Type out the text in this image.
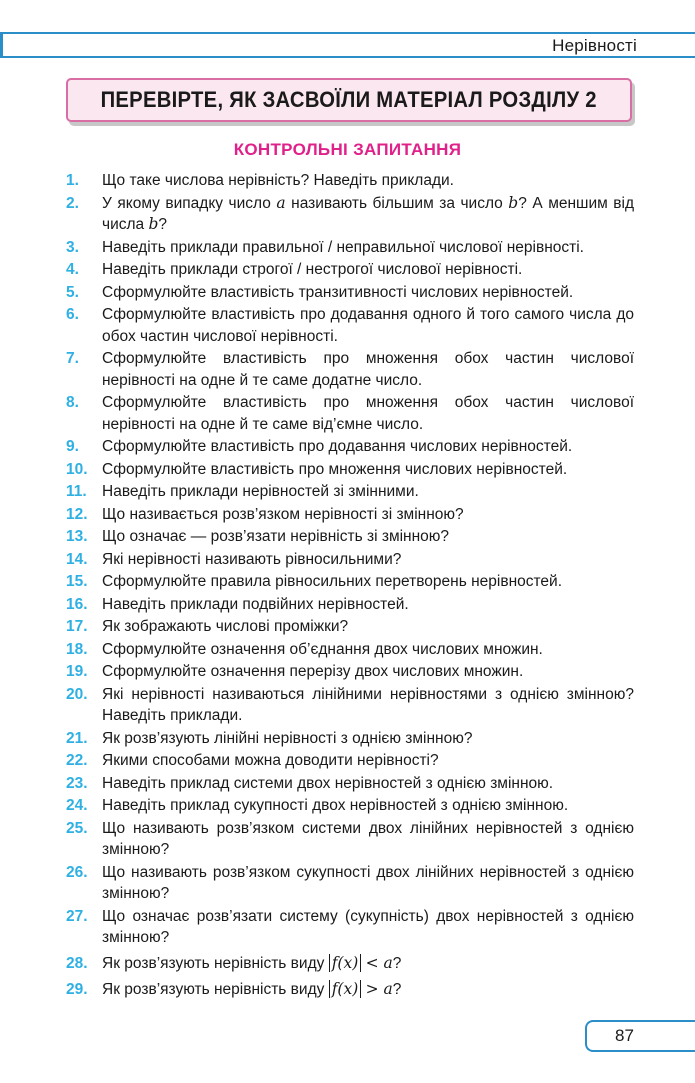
Нерівності
ПЕРЕВІРТЕ, ЯК ЗАСВОЇЛИ МАТЕРІАЛ РОЗДІЛУ 2
КОНТРОЛЬНІ ЗАПИТАННЯ
1.	Що таке числова нерівність? Наведіть приклади.
2.	У якому випадку число a називають більшим за число b? А меншим від числа b?
3.	Наведіть приклади правильної / неправильної числової нерівності.
4.	Наведіть приклади строгої / нестрогої числової нерівності.
5.	Сформулюйте властивість транзитивності числових нерівностей.
6.	Сформулюйте властивість про додавання одного й того самого числа до обох частин числової нерівності.
7.	Сформулюйте властивість про множення обох частин числової нерівності на одне й те саме додатне число.
8.	Сформулюйте властивість про множення обох частин числової нерівності на одне й те саме від’ємне число.
9.	Сформулюйте властивість про додавання числових нерівностей.
10. Сформулюйте властивість про множення числових нерівностей.
11. Наведіть приклади нерівностей зі змінними.
12. Що називається розв’язком нерівності зі змінною?
13. Що означає — розв’язати нерівність зі змінною?
14. Які нерівності називають рівносильними?
15. Сформулюйте правила рівносильних перетворень нерівностей.
16. Наведіть приклади подвійних нерівностей.
17. Як зображають числові проміжки?
18. Сформулюйте означення об’єднання двох числових множин.
19. Сформулюйте означення перерізу двох числових множин.
20. Які нерівності називаються лінійними нерівностями з однією змінною? Наведіть приклади.
21. Як розв’язують лінійні нерівності з однією змінною?
22. Якими способами можна доводити нерівності?
23. Наведіть приклад системи двох нерівностей з однією змінною.
24. Наведіть приклад сукупності двох нерівностей з однією змінною.
25. Що називають розв’язком системи двох лінійних нерівностей з однією змінною?
26. Що називають розв’язком сукупності двох лінійних нерівностей з однією змінною?
27. Що означає розв’язати систему (сукупність) двох нерівностей з однією змінною?
28. Як розв’язують нерівність виду f(x) < a?
29. Як розв’язують нерівність виду f(x) > a?
87
